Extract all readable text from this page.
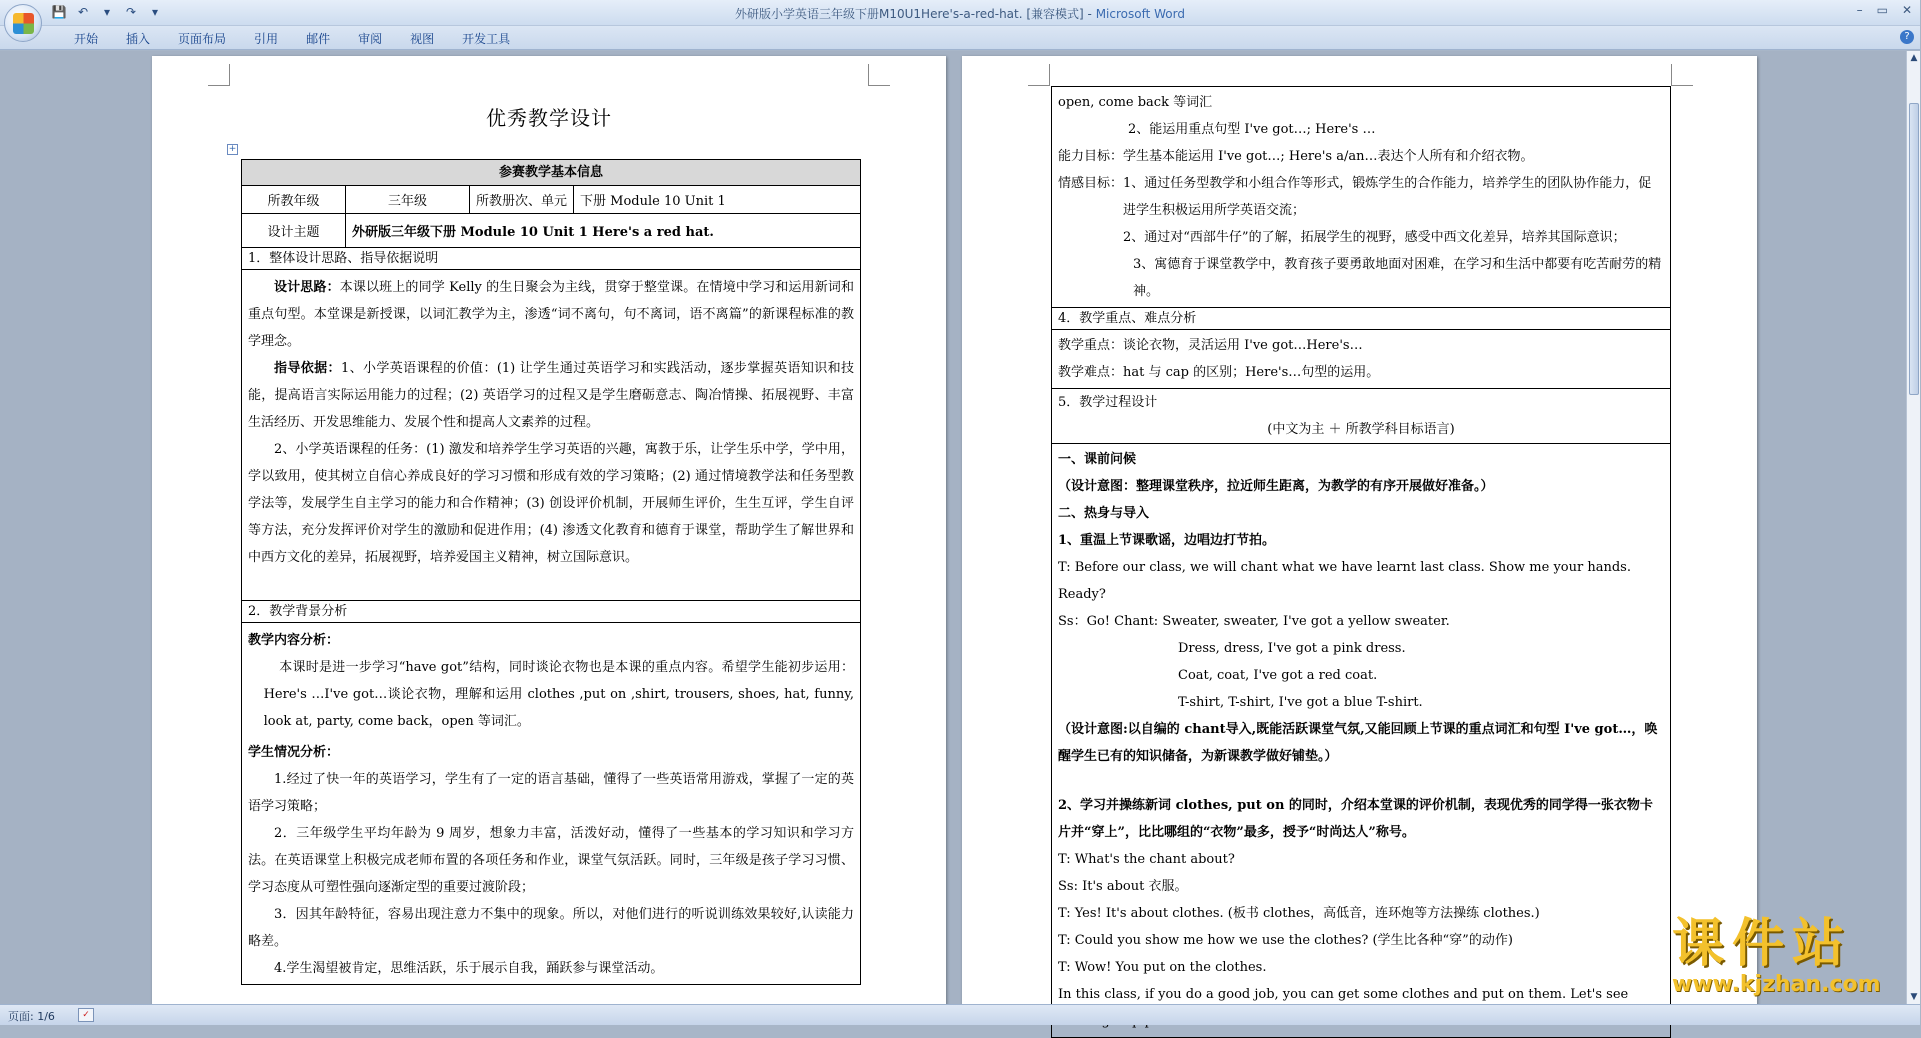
💾 ↶	▾	↷	▾	外研版小学英语三年级下册M10U1Here's-a-red-hat. [兼容模式] - Microsoft Word	– ▭ ✕
开始	插入	页面布局	引用	邮件	审阅	视图	开发工具	?
优秀教学设计
+
参赛教学基本信息
所教年级	三年级	所教册次、单元	下册 Module 10 Unit 1
设计主题	外研版三年级下册 Module 10 Unit 1 Here's a red hat.
1．整体设计思路、指导依据说明

设计思路：本课以班上的同学 Kelly 的生日聚会为主线，贯穿于整堂课。在情境中学习和运用新词和重点句型。本堂课是新授课，以词汇教学为主，渗透“词不离句，句不离词，语不离篇”的新课程标准的教学理念。

指导依据：1、小学英语课程的价值：(1) 让学生通过英语学习和实践活动，逐步掌握英语知识和技能，提高语言实际运用能力的过程；(2) 英语学习的过程又是学生磨砺意志、陶冶情操、拓展视野、丰富生活经历、开发思维能力、发展个性和提高人文素养的过程。

2、小学英语课程的任务：(1) 激发和培养学生学习英语的兴趣，寓教于乐，让学生乐中学，学中用，学以致用，使其树立自信心养成良好的学习习惯和形成有效的学习策略；(2) 通过情境教学法和任务型教学法等，发展学生自主学习的能力和合作精神；(3) 创设评价机制，开展师生评价，生生互评，学生自评等方法，充分发挥评价对学生的激励和促进作用；(4) 渗透文化教育和德育于课堂，帮助学生了解世界和中西方文化的差异，拓展视野，培养爱国主义精神，树立国际意识。

2．教学背景分析

教学内容分析：

本课时是进一步学习“have got”结构，同时谈论衣物也是本课的重点内容。希望学生能初步运用：Here's …I've got…谈论衣物，理解和运用 clothes ,put on ,shirt, trousers, shoes, hat, funny, look at, party, come back，open 等词汇。

学生情况分析：

1.经过了快一年的英语学习，学生有了一定的语言基础，懂得了一些英语常用游戏，掌握了一定的英语学习策略；

2．三年级学生平均年龄为 9 周岁，想象力丰富，活泼好动，懂得了一些基本的学习知识和学习方法。在英语课堂上积极完成老师布置的各项任务和作业，课堂气氛活跃。同时，三年级是孩子学习习惯、学习态度从可塑性强向逐渐定型的重要过渡阶段；

3．因其年龄特征，容易出现注意力不集中的现象。所以，对他们进行的听说训练效果较好,认读能力略差。

4.学生渴望被肯定，思维活跃，乐于展示自我，踊跃参与课堂活动。

open, come back 等词汇
2、能运用重点句型 I've got…; Here's …
能力目标：学生基本能运用 I've got…; Here's a/an…表达个人所有和介绍衣物。
情感目标： 1、通过任务型教学和小组合作等形式，锻炼学生的合作能力，培养学生的团队协作能力，促进学生积极运用所学英语交流；
2、通过对“西部牛仔”的了解，拓展学生的视野，感受中西文化差异，培养其国际意识；
3、寓德育于课堂教学中，教育孩子要勇敢地面对困难，在学习和生活中都要有吃苦耐劳的精神。
4．教学重点、难点分析
教学重点：谈论衣物，灵活运用 I've got…Here's…
教学难点：hat 与 cap 的区别；Here's…句型的运用。
5．教学过程设计
(中文为主 ＋ 所教学科目标语言)
一、课前问候
（设计意图：整理课堂秩序，拉近师生距离，为教学的有序开展做好准备。）
二、热身与导入
1、重温上节课歌谣，边唱边打节拍。
T: Before our class, we will chant what we have learnt last class. Show me your hands. Ready?
Ss：Go! Chant: Sweater, sweater, I've got a yellow sweater.
Dress, dress, I've got a pink dress.
Coat, coat, I've got a red coat.
T-shirt, T-shirt, I've got a blue T-shirt.
（设计意图:以自编的 chant导入,既能活跃课堂气氛,又能回顾上节课的重点词汇和句型 I've got…，唤醒学生已有的知识储备，为新课教学做好铺垫。）
2、学习并操练新词 clothes, put on 的同时，介绍本堂课的评价机制，表现优秀的同学得一张衣物卡片并“穿上”，比比哪组的“衣物”最多，授予“时尚达人”称号。
T: What's the chant about?
Ss: It's about 衣服。
T: Yes! It's about clothes. (板书 clothes，高低音，连环炮等方法操练 clothes.)
T: Could you show me how we use the clothes? (学生比各种“穿”的动作)
T: Wow! You put on the clothes.
In this class, if you do a good job, you can get some clothes and put on them. Let's see
▲
▼
页面: 1/6	✓
课件站
www.kjzhan.com
